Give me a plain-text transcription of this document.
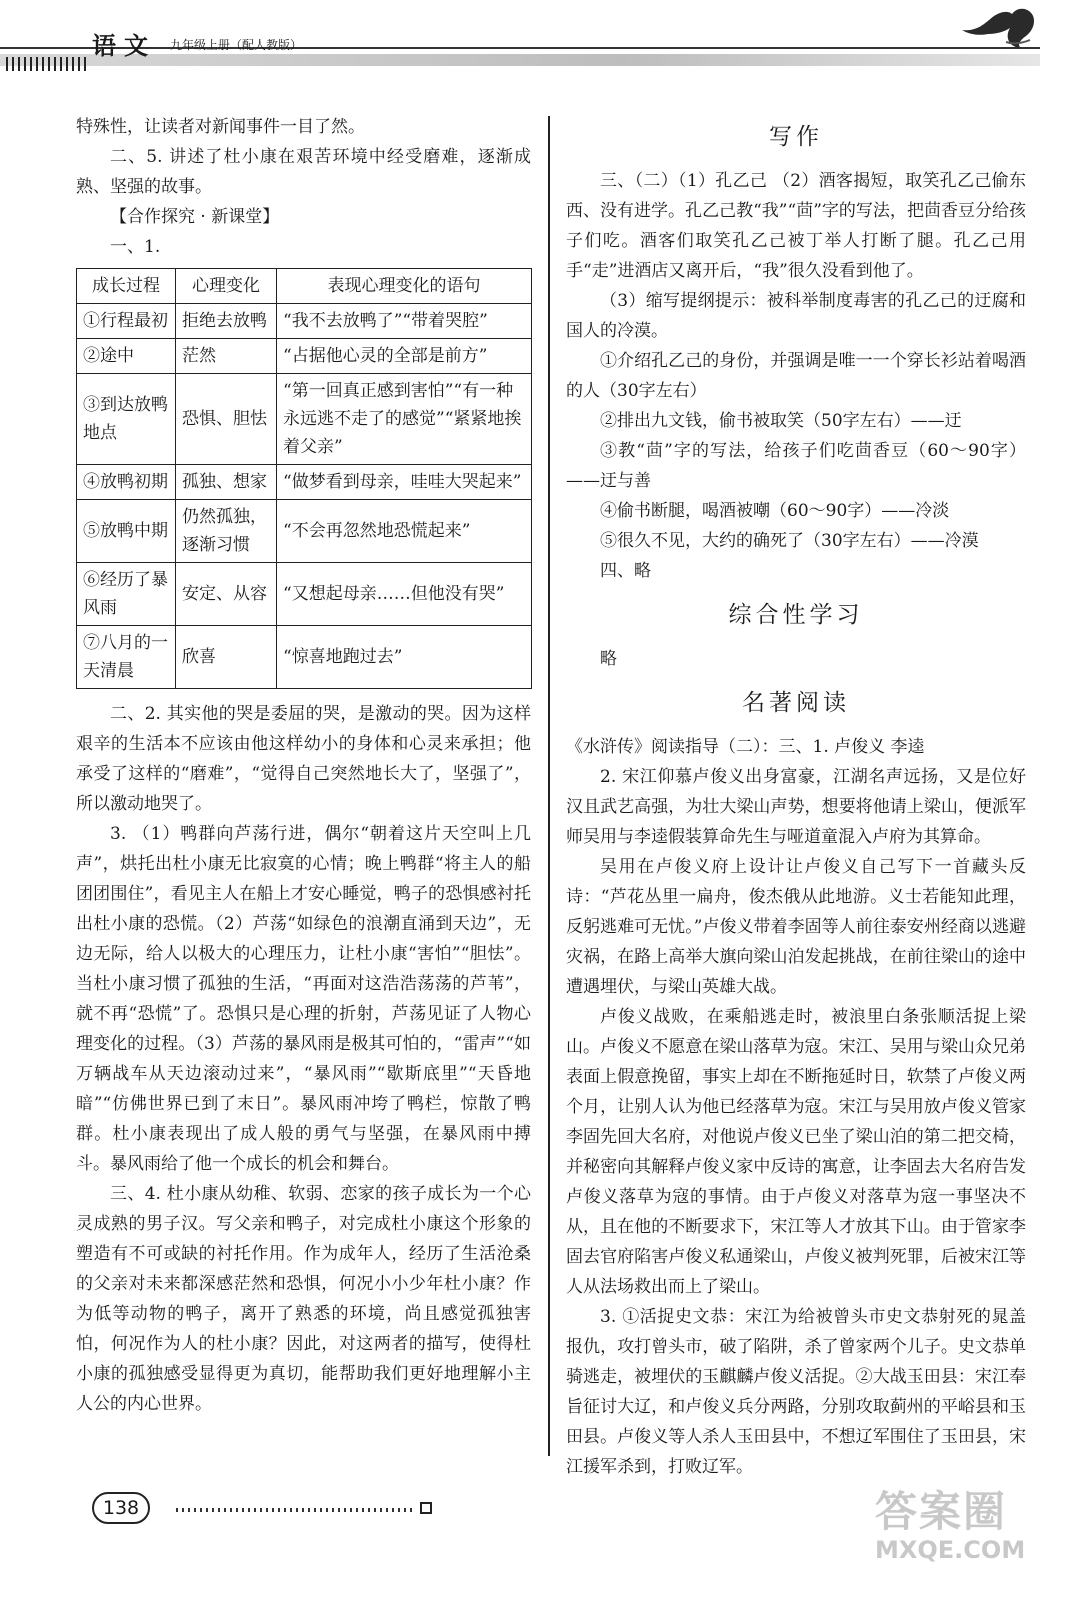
语文 九年级上册（配人教版）

特殊性，让读者对新闻事件一目了然。

二、5. 讲述了杜小康在艰苦环境中经受磨难，逐渐成熟、坚强的故事。

【合作探究 · 新课堂】

一、1.

成长过程	心理变化	表现心理变化的语句
①行程最初	拒绝去放鸭	“我不去放鸭了”“带着哭腔”
②途中	茫然	“占据他心灵的全部是前方”
③到达放鸭地点	恐惧、胆怯	“第一回真正感到害怕”“有一种永远逃不走了的感觉”“紧紧地挨着父亲”
④放鸭初期	孤独、想家	“做梦看到母亲，哇哇大哭起来”
⑤放鸭中期	仍然孤独，逐渐习惯	“不会再忽然地恐慌起来”
⑥经历了暴风雨	安定、从容	“又想起母亲……但他没有哭”
⑦八月的一天清晨	欣喜	“惊喜地跑过去”

二、2. 其实他的哭是委屈的哭，是激动的哭。因为这样艰辛的生活本不应该由他这样幼小的身体和心灵来承担；他承受了这样的“磨难”，“觉得自己突然地长大了，坚强了”，所以激动地哭了。

3. （1）鸭群向芦荡行进，偶尔“朝着这片天空叫上几声”，烘托出杜小康无比寂寞的心情；晚上鸭群“将主人的船团团围住”，看见主人在船上才安心睡觉，鸭子的恐惧感衬托出杜小康的恐慌。（2）芦荡“如绿色的浪潮直涌到天边”，无边无际，给人以极大的心理压力，让杜小康“害怕”“胆怯”。当杜小康习惯了孤独的生活，“再面对这浩浩荡荡的芦苇”，就不再“恐慌”了。恐惧只是心理的折射，芦荡见证了人物心理变化的过程。（3）芦荡的暴风雨是极其可怕的，“雷声”“如万辆战车从天边滚动过来”，“暴风雨”“歇斯底里”“天昏地暗”“仿佛世界已到了末日”。暴风雨冲垮了鸭栏，惊散了鸭群。杜小康表现出了成人般的勇气与坚强，在暴风雨中搏斗。暴风雨给了他一个成长的机会和舞台。

三、4. 杜小康从幼稚、软弱、恋家的孩子成长为一个心灵成熟的男子汉。写父亲和鸭子，对完成杜小康这个形象的塑造有不可或缺的衬托作用。作为成年人，经历了生活沧桑的父亲对未来都深感茫然和恐惧，何况小小少年杜小康？作为低等动物的鸭子，离开了熟悉的环境，尚且感觉孤独害怕，何况作为人的杜小康？因此，对这两者的描写，使得杜小康的孤独感受显得更为真切，能帮助我们更好地理解小主人公的内心世界。

写作

三、（二）（1）孔乙己 （2）酒客揭短，取笑孔乙己偷东西、没有进学。孔乙己教“我”“茴”字的写法，把茴香豆分给孩子们吃。酒客们取笑孔乙己被丁举人打断了腿。孔乙己用手“走”进酒店又离开后，“我”很久没看到他了。

（3）缩写提纲提示：被科举制度毒害的孔乙己的迂腐和国人的冷漠。

①介绍孔乙己的身份，并强调是唯一一个穿长衫站着喝酒的人（30字左右）

②排出九文钱，偷书被取笑（50字左右）——迂

③教“茴”字的写法，给孩子们吃茴香豆（60～90字）——迂与善

④偷书断腿，喝酒被嘲（60～90字）——冷淡

⑤很久不见，大约的确死了（30字左右）——冷漠

四、略

综合性学习

略

名著阅读

《水浒传》阅读指导（二）：三、1. 卢俊义 李逵

2. 宋江仰慕卢俊义出身富豪，江湖名声远扬，又是位好汉且武艺高强，为壮大梁山声势，想要将他请上梁山，便派军师吴用与李逵假装算命先生与哑道童混入卢府为其算命。

吴用在卢俊义府上设计让卢俊义自己写下一首藏头反诗：“芦花丛里一扁舟，俊杰俄从此地游。义士若能知此理，反躬逃难可无忧。”卢俊义带着李固等人前往泰安州经商以逃避灾祸，在路上高举大旗向梁山泊发起挑战，在前往梁山的途中遭遇埋伏，与梁山英雄大战。

卢俊义战败，在乘船逃走时，被浪里白条张顺活捉上梁山。卢俊义不愿意在梁山落草为寇。宋江、吴用与梁山众兄弟表面上假意挽留，事实上却在不断拖延时日，软禁了卢俊义两个月，让别人认为他已经落草为寇。宋江与吴用放卢俊义管家李固先回大名府，对他说卢俊义已坐了梁山泊的第二把交椅，并秘密向其解释卢俊义家中反诗的寓意，让李固去大名府告发卢俊义落草为寇的事情。由于卢俊义对落草为寇一事坚决不从，且在他的不断要求下，宋江等人才放其下山。由于管家李固去官府陷害卢俊义私通梁山，卢俊义被判死罪，后被宋江等人从法场救出而上了梁山。

3. ①活捉史文恭：宋江为给被曾头市史文恭射死的晁盖报仇，攻打曾头市，破了陷阱，杀了曾家两个儿子。史文恭单骑逃走，被埋伏的玉麒麟卢俊义活捉。②大战玉田县：宋江奉旨征讨大辽，和卢俊义兵分两路，分别攻取蓟州的平峪县和玉田县。卢俊义等人杀人玉田县中，不想辽军围住了玉田县，宋江援军杀到，打败辽军。

138	答案圈
MXQE.COM
